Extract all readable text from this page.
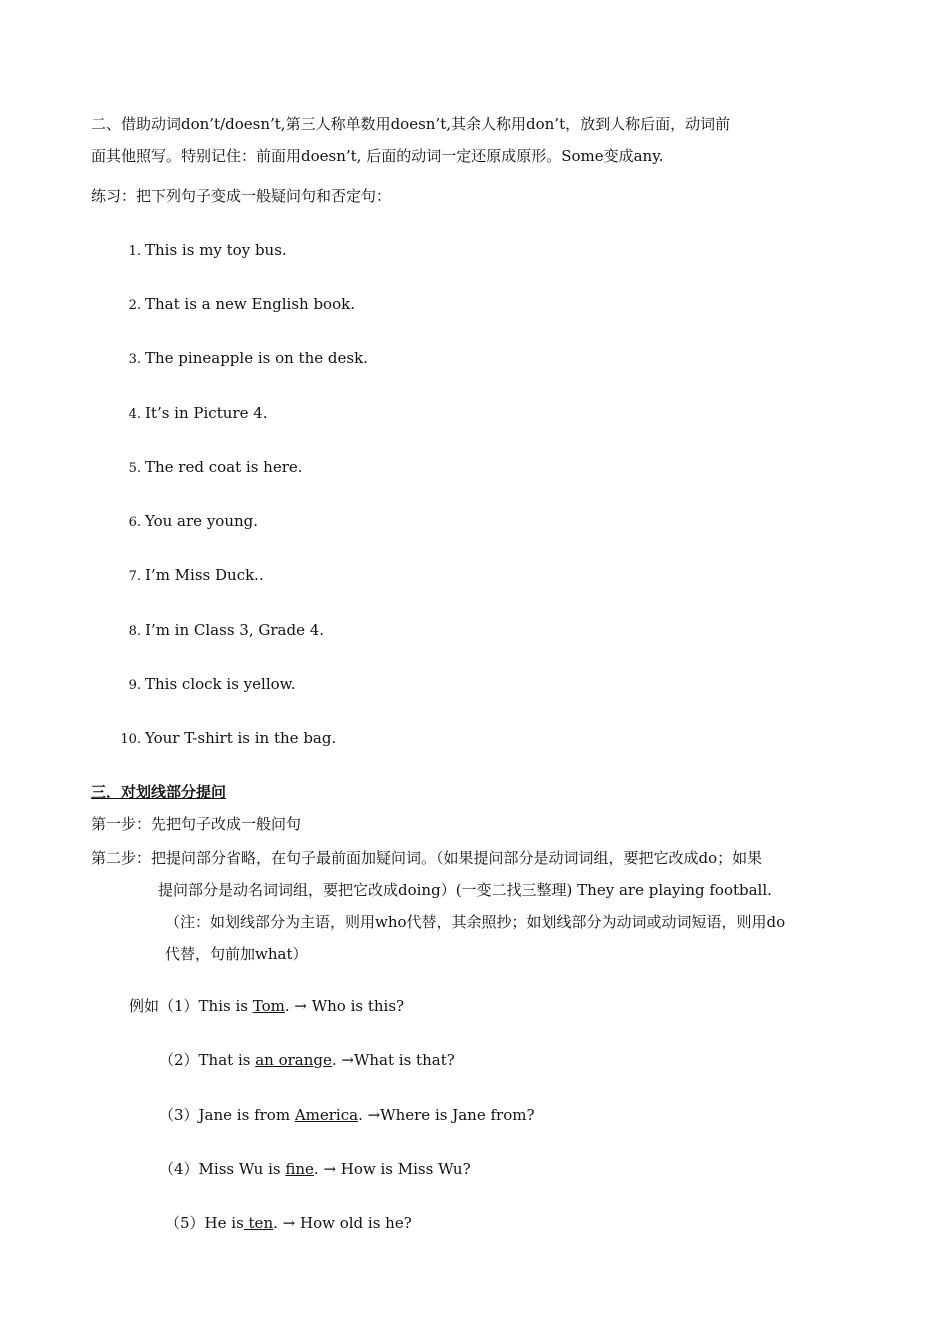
二、借助动词don’t/doesn’t,第三人称单数用doesn’t,其余人称用don’t，放到人称后面，动词前
面其他照写。特别记住：前面用doesn’t, 后面的动词一定还原成原形。Some变成any.
练习：把下列句子变成一般疑问句和否定句：
1. This is my toy bus.
2. That is a new English book.
3. The pineapple is on the desk.
4. It’s in Picture 4.
5. The red coat is here.
6. You are young.
7. I’m Miss Duck..
8. I’m in Class 3, Grade 4.
9. This clock is yellow.
10. Your T-shirt is in the bag.
三．对划线部分提问
第一步：先把句子改成一般问句
第二步：把提问部分省略，在句子最前面加疑问词。（如果提问部分是动词词组，要把它改成do；如果
提问部分是动名词词组，要把它改成doing）(一变二找三整理) They are playing football.
（注：如划线部分为主语，则用who代替，其余照抄；如划线部分为动词或动词短语，则用do
代替，句前加what）
例如（1）This is Tom. → Who is this?
（2）That is an orange. →What is that?
（3）Jane is from America. →Where is Jane from?
（4）Miss Wu is fine. → How is Miss Wu?
（5）He is ten. → How old is he?
